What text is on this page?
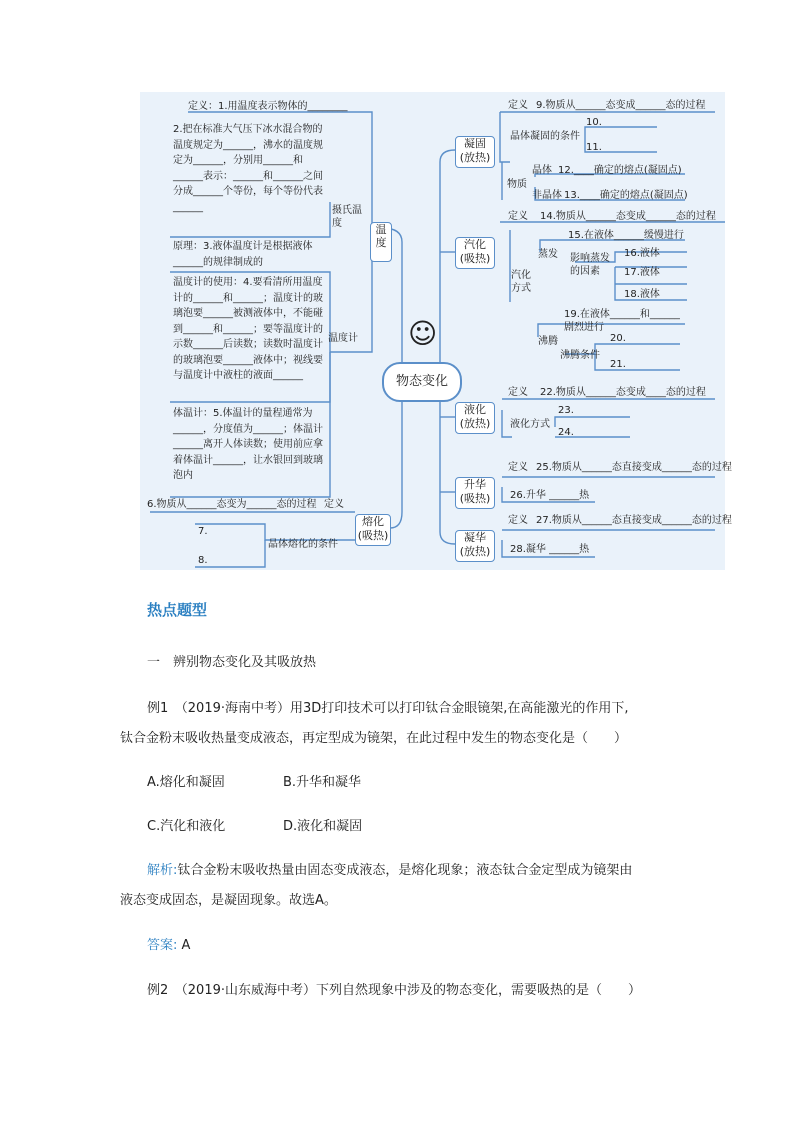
温度
定义：1.用温度表示物体的________
2.把在标准大气压下冰水混合物的温度规定为______，沸水的温度规定为______，分别用______和______表示：______和______之间分成______个等份，每个等份代表______	摄氏温度
原理：3.液体温度计是根据液体______的规律制成的
温度计
温度计的使用：4.要看清所用温度计的______和______；温度计的玻璃泡要______被测液体中，不能碰到______和______；要等温度计的示数______后读数；读数时温度计的玻璃泡要______液体中；视线要与温度计中液柱的液面______
体温计：5.体温计的量程通常为______，分度值为______；体温计______离开人体读数；使用前应拿着体温计______，让水银回到玻璃泡内
熔化
(吸热)
6.物质从______态变为______态的过程 定义
7.
8.
晶体熔化的条件
物态变化
☺
凝固
(放热)
定义 9.物质从______态变成______态的过程
晶体凝固的条件
10.
11.
物质
晶体 12.____确定的熔点(凝固点)
非晶体 13.____确定的熔点(凝固点)
汽化
(吸热)
定义 14.物质从______态变成______态的过程
汽化方式
蒸发
15.在液体______缓慢进行
影响蒸发的因素
16.液体
17.液体
18.液体
沸腾
19.在液体______和______剧烈进行
沸腾条件
20.
21.
液化
(放热)
定义 22.物质从______态变成____态的过程
液化方式
23.
24.
升华
(吸热)
定义 25.物质从______态直接变成______态的过程
26.升华 ______热
凝华
(放热)
定义 27.物质从______态直接变成______态的过程
28.凝华 ______热
热点题型
一　辨别物态变化及其吸放热
例1　（2019·海南中考）用3D打印技术可以打印钛合金眼镜架,在高能激光的作用下,
钛合金粉末吸收热量变成液态，再定型成为镜架，在此过程中发生的物态变化是（　　）
A.熔化和凝固	B.升华和凝华
C.汽化和液化	D.液化和凝固
解析:钛合金粉末吸收热量由固态变成液态，是熔化现象；液态钛合金定型成为镜架由
液态变成固态，是凝固现象。故选A。
答案: A
例2　（2019·山东威海中考）下列自然现象中涉及的物态变化，需要吸热的是（　　）
